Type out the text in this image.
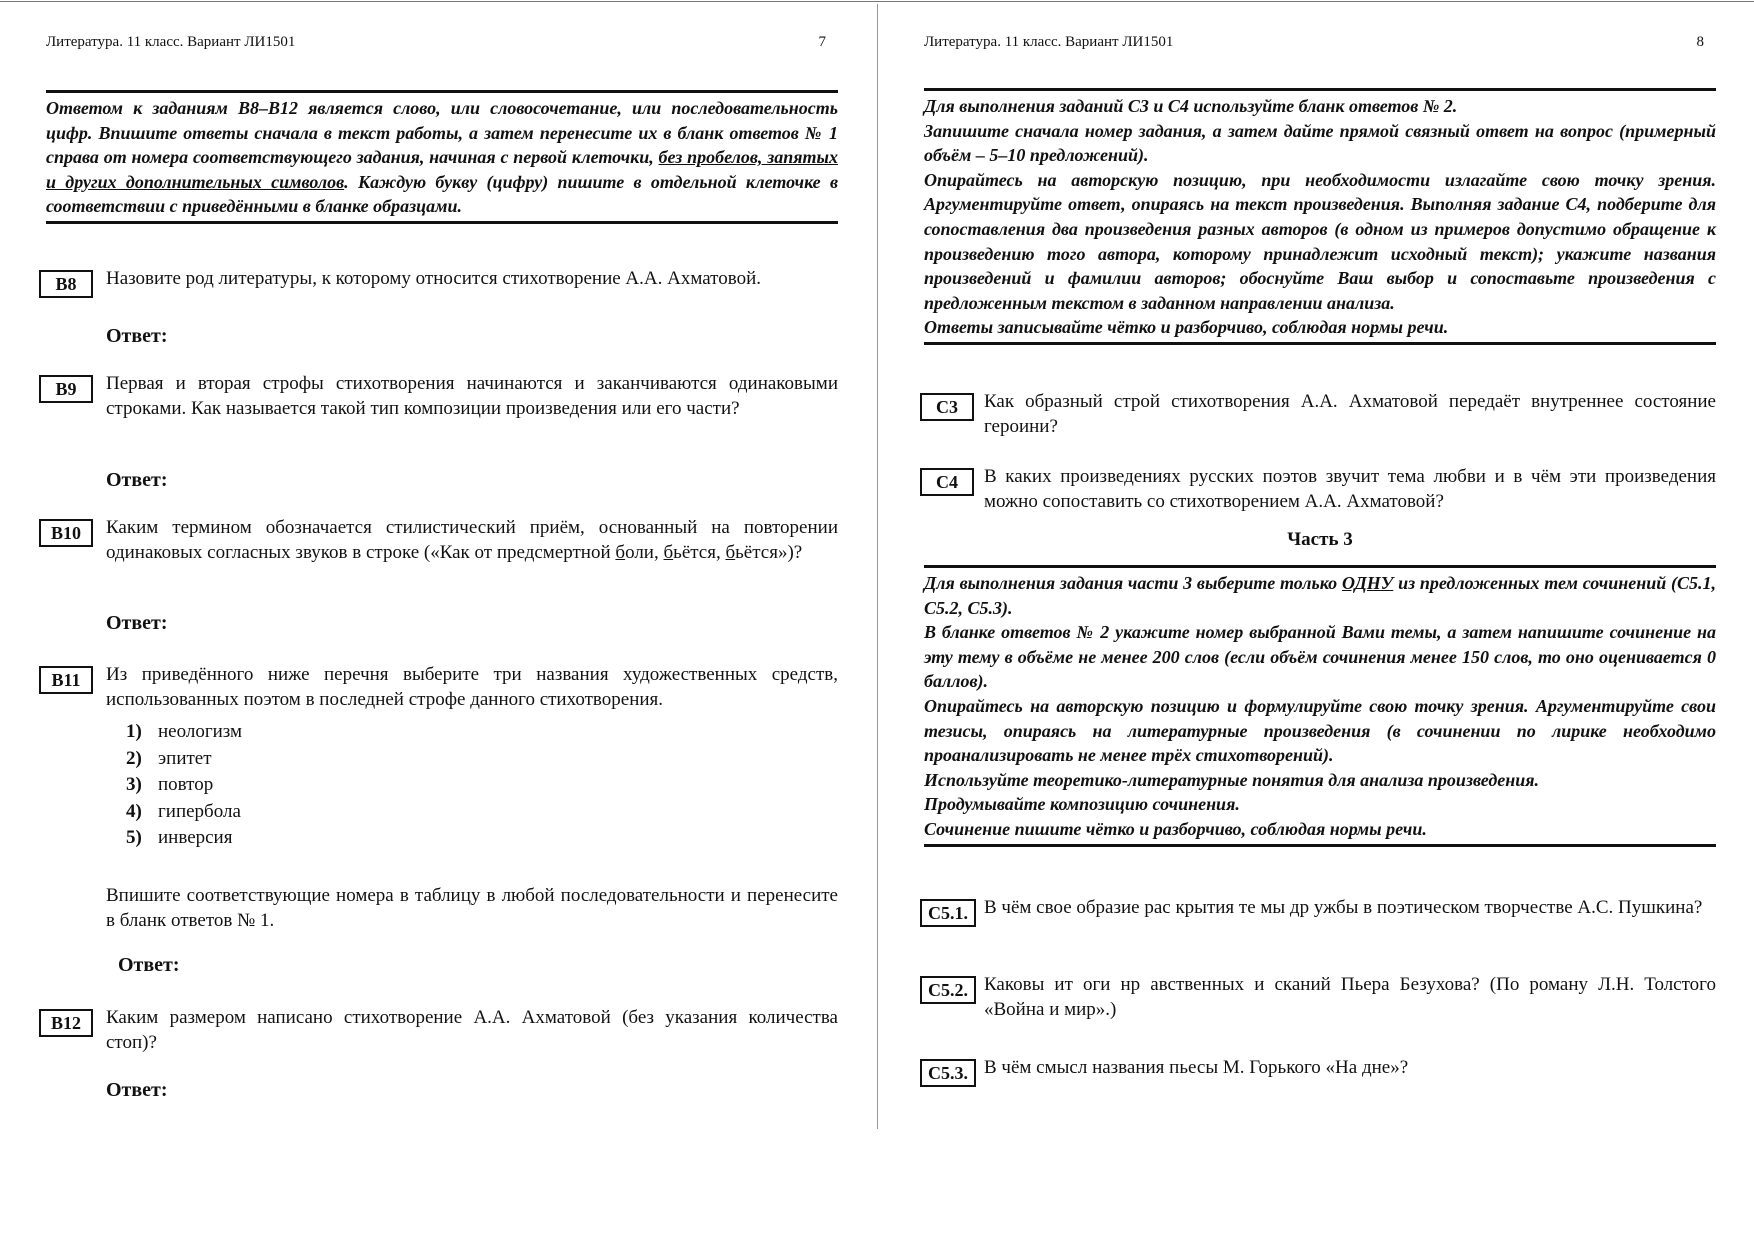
Литература. 11 класс. Вариант ЛИ1501	7

Ответом к заданиям В8–В12 является слово, или словосочетание, или последовательность цифр. Впишите ответы сначала в текст работы, а затем перенесите их в бланк ответов № 1 справа от номера соответствующего задания, начиная с первой клеточки, без пробелов, запятых и других дополнительных символов. Каждую букву (цифру) пишите в отдельной клеточке в соответствии с приведёнными в бланке образцами.

В8	Назовите род литературы, к которому относится стихотворение А.А. Ахматовой.
Ответ:
В9	Первая и вторая строфы стихотворения начинаются и заканчиваются одинаковыми строками. Как называется такой тип композиции произведения или его части?
Ответ:
В10	Каким термином обозначается стилистический приём, основанный на повторении одинаковых согласных звуков в строке («Как от предсмертной боли, бьётся, бьётся»)?
Ответ:
В11	Из приведённого ниже перечня выберите три названия художественных средств, использованных поэтом в последней строфе данного стихотворения.
1) неологизм
2) эпитет
3) повтор
4) гипербола
5) инверсия
Впишите соответствующие номера в таблицу в любой последовательности и перенесите в бланк ответов № 1.
Ответ:
В12	Каким размером написано стихотворение А.А. Ахматовой (без указания количества стоп)?
Ответ:
Литература. 11 класс. Вариант ЛИ1501	8

Для выполнения заданий С3 и С4 используйте бланк ответов № 2.

Запишите сначала номер задания, а затем дайте прямой связный ответ на вопрос (примерный объём – 5–10 предложений).

Опирайтесь на авторскую позицию, при необходимости излагайте свою точку зрения. Аргументируйте ответ, опираясь на текст произведения. Выполняя задание С4, подберите для сопоставления два произведения разных авторов (в одном из примеров допустимо обращение к произведению того автора, которому принадлежит исходный текст); укажите названия произведений и фамилии авторов; обоснуйте Ваш выбор и сопоставьте произведения с предложенным текстом в заданном направлении анализа.

Ответы записывайте чётко и разборчиво, соблюдая нормы речи.

С3	Как образный строй стихотворения А.А. Ахматовой передаёт внутреннее состояние героини?
С4	В каких произведениях русских поэтов звучит тема любви и в чём эти произведения можно сопоставить со стихотворением А.А. Ахматовой?
Часть 3

Для выполнения задания части 3 выберите только ОДНУ из предложенных тем сочинений (С5.1, С5.2, С5.3).

В бланке ответов № 2 укажите номер выбранной Вами темы, а затем напишите сочинение на эту тему в объёме не менее 200 слов (если объём сочинения менее 150 слов, то оно оценивается 0 баллов).

Опирайтесь на авторскую позицию и формулируйте свою точку зрения. Аргументируйте свои тезисы, опираясь на литературные произведения (в сочинении по лирике необходимо проанализировать не менее трёх стихотворений).

Используйте теоретико-литературные понятия для анализа произведения.

Продумывайте композицию сочинения.

Сочинение пишите чётко и разборчиво, соблюдая нормы речи.

С5.1. В чём свое образие рас крытия те мы др ужбы в поэтическом творчестве А.С. Пушкина?
С5.2. Каковы ит оги нр авственных и сканий Пьера Безухова? (По роману Л.Н. Толстого «Война и мир».)
С5.3. В чём смысл названия пьесы М. Горького «На дне»?
